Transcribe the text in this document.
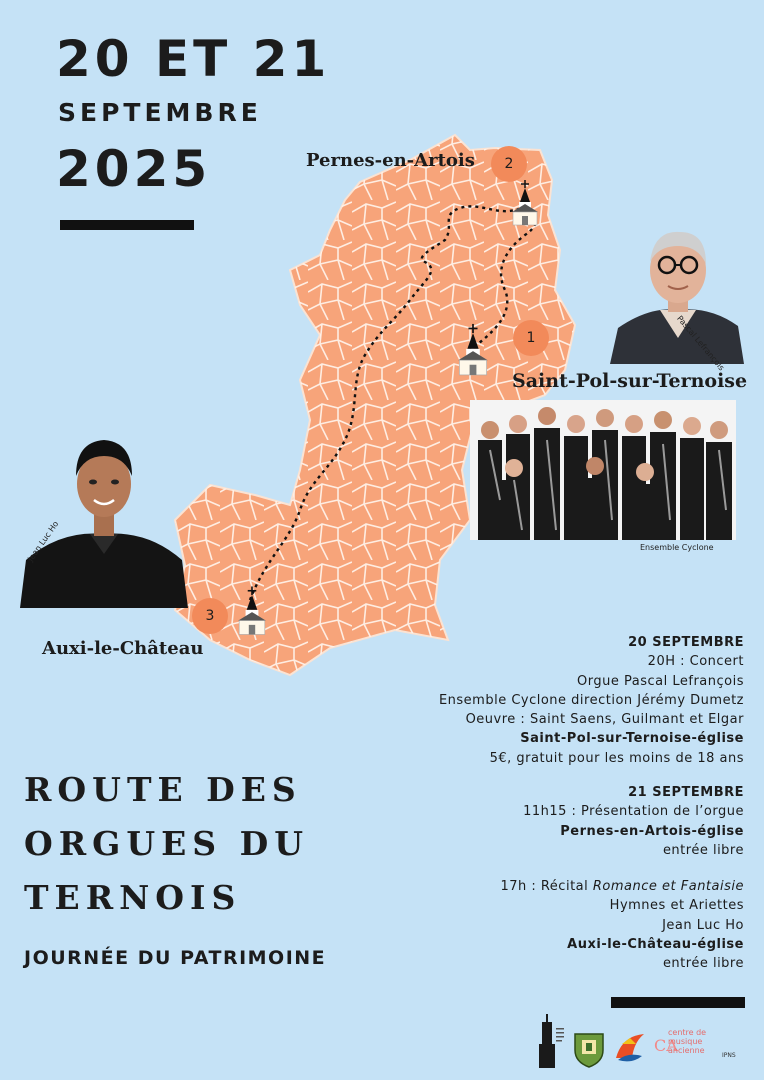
20 ET 21
SEPTEMBRE
2025
1
2
3
Pernes-en-Artois
Saint-Pol-sur-Ternoise
Auxi-le-Château
Pascal Lefrançois
Ensemble Cyclone
Jean Luc Ho
ROUTE DES
ORGUES DU
TERNOIS
JOURNÉE DU PATRIMOINE
20 SEPTEMBRE
20H : Concert
Orgue Pascal Lefrançois
Ensemble Cyclone direction Jérémy Dumetz
Oeuvre : Saint Saens, Guilmant et Elgar
Saint-Pol-sur-Ternoise-église
5€, gratuit pour les moins de 18 ans
21 SEPTEMBRE
11h15 : Présentation de l’orgue
Pernes-en-Artois-église
entrée libre
17h : Récital Romance et Fantaisie
Hymnes et Ariettes
Jean Luc Ho
Auxi-le-Château-église
entrée libre
CA
centre de
musique
ancienne
IPNS
